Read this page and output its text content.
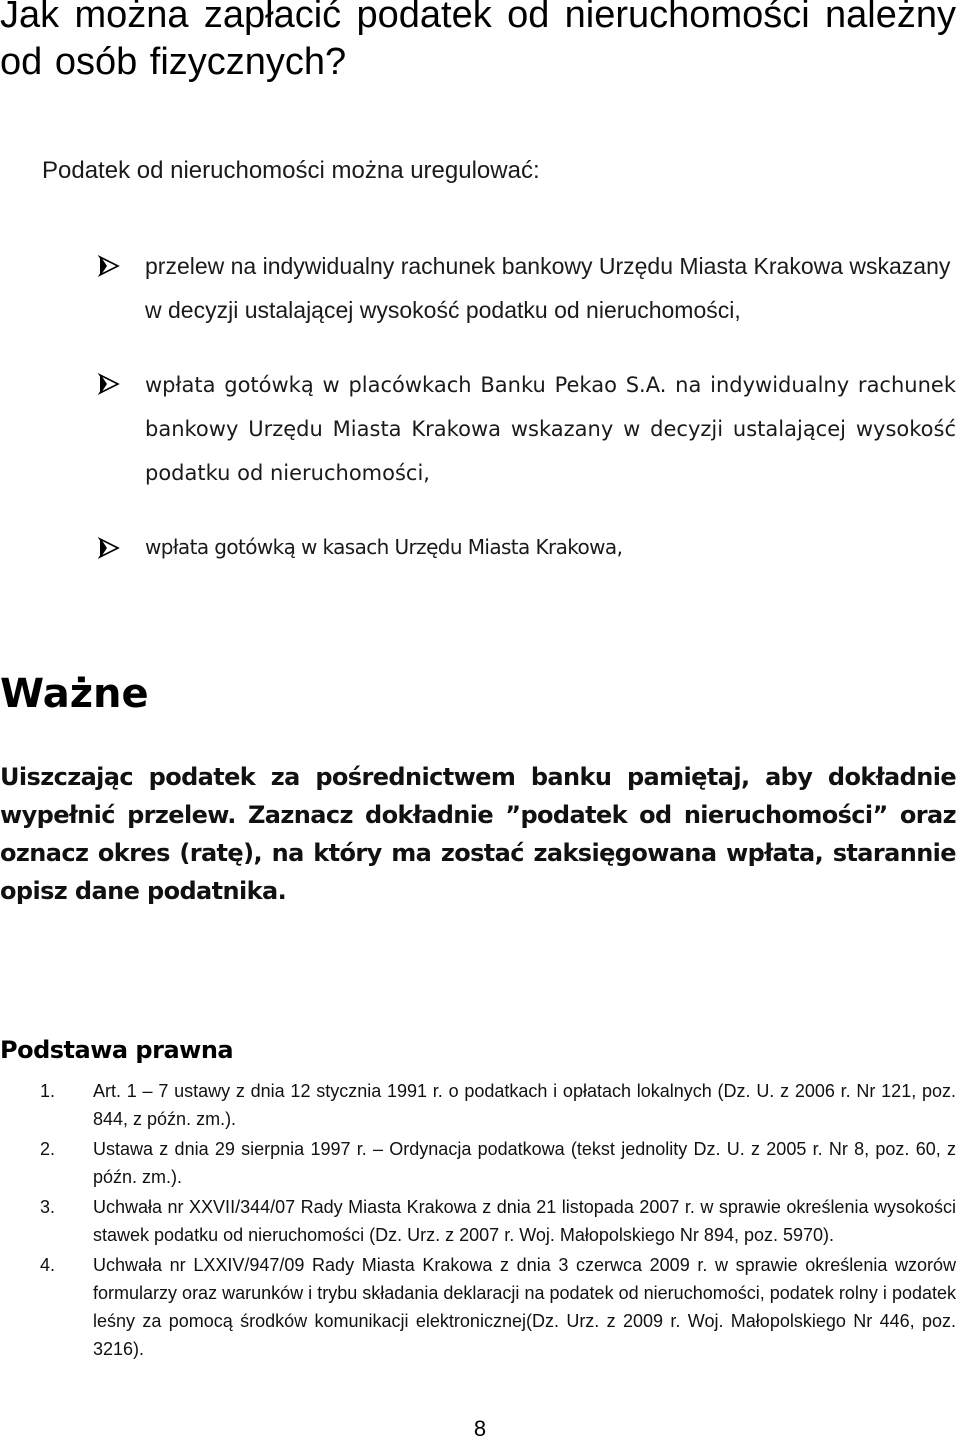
Jak można zapłacić podatek od nieruchomości należny od osób fizycznych?

Podatek od nieruchomości można uregulować:

przelew na indywidualny rachunek bankowy Urzędu Miasta Krakowa wskazany w decyzji ustalającej wysokość podatku od nieruchomości,

wpłata gotówką w placówkach Banku Pekao S.A. na indywidualny rachunek bankowy Urzędu Miasta Krakowa wskazany w decyzji ustalającej wysokość podatku od nieruchomości,

wpłata gotówką w kasach Urzędu Miasta Krakowa,

Ważne

Uiszczając podatek za pośrednictwem banku pamiętaj, aby dokładnie wypełnić przelew. Zaznacz dokładnie ”podatek od nieruchomości” oraz oznacz okres (ratę), na który ma zostać zaksięgowana wpłata, starannie opisz dane podatnika.

Podstawa prawna
1. Art. 1 – 7 ustawy z dnia 12 stycznia 1991 r. o podatkach i opłatach lokalnych (Dz. U. z 2006 r. Nr 121, poz. 844, z późn. zm.).
2. Ustawa z dnia 29 sierpnia 1997 r. – Ordynacja podatkowa (tekst jednolity Dz. U. z 2005 r. Nr 8, poz. 60, z późn. zm.).
3. Uchwała nr XXVII/344/07 Rady Miasta Krakowa z dnia 21 listopada 2007 r. w sprawie określenia wysokości stawek podatku od nieruchomości (Dz. Urz. z 2007 r. Woj. Małopolskiego Nr 894, poz. 5970).
4. Uchwała nr LXXIV/947/09 Rady Miasta Krakowa z dnia 3 czerwca 2009 r. w sprawie określenia wzorów formularzy oraz warunków i trybu składania deklaracji na podatek od nieruchomości, podatek rolny i podatek leśny za pomocą środków komunikacji elektronicznej(Dz. Urz. z 2009 r. Woj. Małopolskiego Nr 446, poz. 3216).
8
